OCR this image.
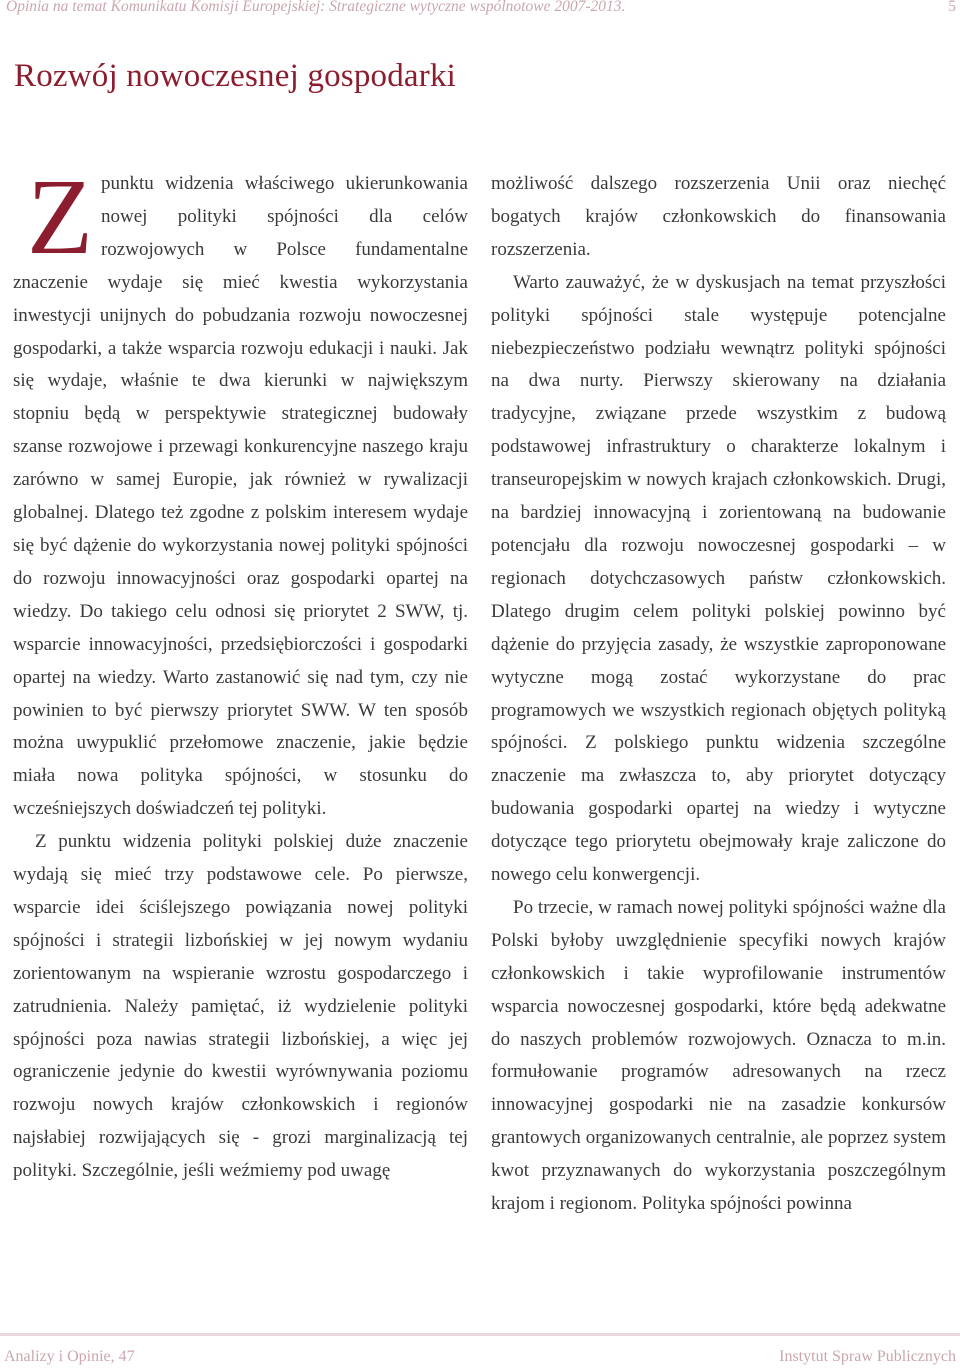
Opinia na temat Komunikatu Komisji Europejskiej: Strategiczne wytyczne wspólnotowe 2007-2013.	5
Rozwój nowoczesnej gospodarki

Zpunktu widzenia właściwego ukierunkowania nowej polityki spójności dla celów rozwojowych w Polsce fundamentalne znaczenie wydaje się mieć kwestia wykorzystania inwestycji unijnych do pobudzania rozwoju nowoczesnej gospodarki, a także wsparcia rozwoju edukacji i nauki. Jak się wydaje, właśnie te dwa kierunki w największym stopniu będą w perspektywie strategicznej budowały szanse rozwojowe i przewagi konkurencyjne naszego kraju zarówno w samej Europie, jak również w rywalizacji globalnej. Dlatego też zgodne z polskim interesem wydaje się być dążenie do wykorzystania nowej polityki spójności do rozwoju innowacyjności oraz gospodarki opartej na wiedzy. Do takiego celu odnosi się priorytet 2 SWW, tj. wsparcie innowacyjności, przedsiębiorczości i gospodarki opartej na wiedzy. Warto zastanowić się nad tym, czy nie powinien to być pierwszy priorytet SWW. W ten sposób można uwypuklić przełomowe znaczenie, jakie będzie miała nowa polityka spójności, w stosunku do wcześniejszych doświadczeń tej polityki.

Z punktu widzenia polityki polskiej duże znaczenie wydają się mieć trzy podstawowe cele. Po pierwsze, wsparcie idei ściślejszego powiązania nowej polityki spójności i strategii lizbońskiej w jej nowym wydaniu zorientowanym na wspieranie wzrostu gospodarczego i zatrudnienia. Należy pamiętać, iż wydzielenie polityki spójności poza nawias strategii lizbońskiej, a więc jej ograniczenie jedynie do kwestii wyrównywania poziomu rozwoju nowych krajów członkowskich i regionów najsłabiej rozwijających się - grozi marginalizacją tej polityki. Szczególnie, jeśli weźmiemy pod uwagę

możliwość dalszego rozszerzenia Unii oraz niechęć bogatych krajów członkowskich do finansowania rozszerzenia.

Warto zauważyć, że w dyskusjach na temat przyszłości polityki spójności stale występuje potencjalne niebezpieczeństwo podziału wewnątrz polityki spójności na dwa nurty. Pierwszy skierowany na działania tradycyjne, związane przede wszystkim z budową podstawowej infrastruktury o charakterze lokalnym i transeuropejskim w nowych krajach członkowskich. Drugi, na bardziej innowacyjną i zorientowaną na budowanie potencjału dla rozwoju nowoczesnej gospodarki – w regionach dotychczasowych państw członkowskich. Dlatego drugim celem polityki polskiej powinno być dążenie do przyjęcia zasady, że wszystkie zaproponowane wytyczne mogą zostać wykorzystane do prac programowych we wszystkich regionach objętych polityką spójności. Z polskiego punktu widzenia szczególne znaczenie ma zwłaszcza to, aby priorytet dotyczący budowania gospodarki opartej na wiedzy i wytyczne dotyczące tego priorytetu obejmowały kraje zaliczone do nowego celu konwergencji.

Po trzecie, w ramach nowej polityki spójności ważne dla Polski byłoby uwzględnienie specyfiki nowych krajów członkowskich i takie wyprofilowanie instrumentów wsparcia nowoczesnej gospodarki, które będą adekwatne do naszych problemów rozwojowych. Oznacza to m.in. formułowanie programów adresowanych na rzecz innowacyjnej gospodarki nie na zasadzie konkursów grantowych organizowanych centralnie, ale poprzez system kwot przyznawanych do wykorzystania poszczególnym krajom i regionom. Polityka spójności powinna

Analizy i Opinie, 47	Instytut Spraw Publicznych
